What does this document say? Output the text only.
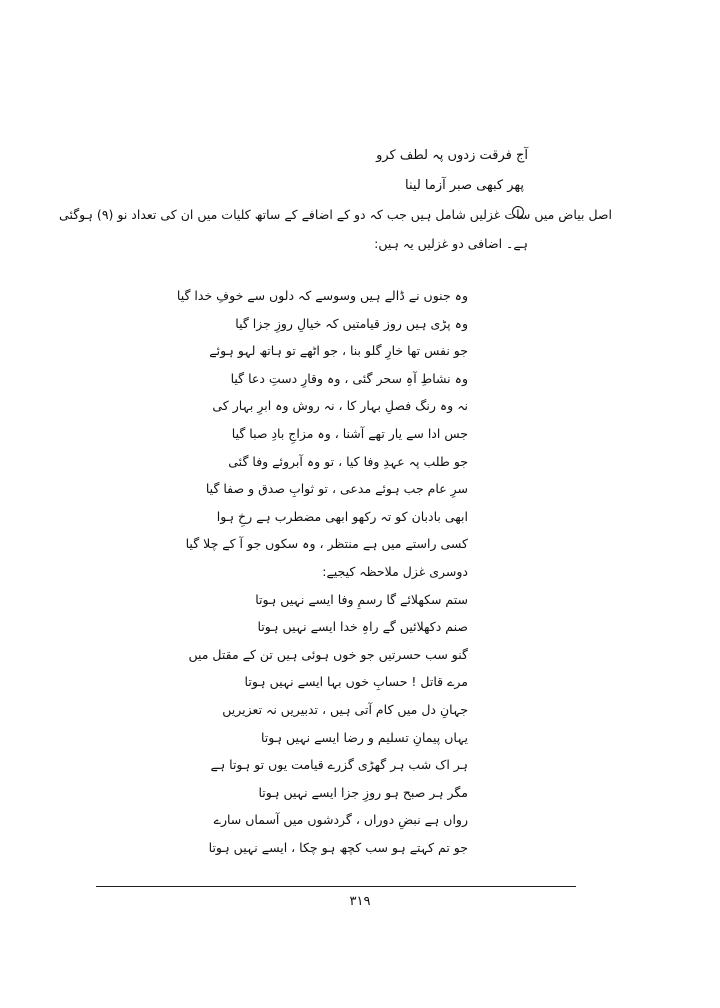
آج فرقت زدوں پہ لطف کرو
پھر کبھی صبر آزما لینا
اصل بیاض میں سات غزلیں شامل ہیں جب کہ دو کے اضافے کے ساتھ کلیات میں ان کی تعداد نو (۹) ہوگئی
ہے۔ اضافی دو غزلیں یہ ہیں:
وہ جنوں نے ڈالے ہیں وسوسے کہ دلوں سے خوفِ خدا گیا
وہ پڑی ہیں روز قیامتیں کہ خیالِ روزِ جزا گیا
جو نفس تھا خارِ گلو بنا ، جو اٹھے تو ہاتھ لہو ہوئے
وہ نشاطِ آہِ سحر گئی ، وہ وقارِ دستِ دعا گیا
نہ وہ رنگ فصلِ بہار کا ، نہ روش وہ ابرِ بہار کی
جس ادا سے یار تھے آشنا ، وہ مزاجِ بادِ صبا گیا
جو طلب پہ عہدِ وفا کیا ، تو وہ آبروئے وفا گئی
سرِ عام جب ہوئے مدعی ، تو ثوابِ صدق و صفا گیا
ابھی بادبان کو تہ رکھو ابھی مضطرب ہے رخِ ہوا
کسی راستے میں ہے منتظر ، وہ سکوں جو آ کے چلا گیا
دوسری غزل ملاحظہ کیجیے:
ستم سکھلائے گا رسمِ وفا ایسے نہیں ہوتا
صنم دکھلائیں گے راہِ خدا ایسے نہیں ہوتا
گنو سب حسرتیں جو خوں ہوئی ہیں تن کے مقتل میں
مرے قاتل ! حسابِ خوں بہا ایسے نہیں ہوتا
جہانِ دل میں کام آتی ہیں ، تدبیریں نہ تعزیریں
یہاں پیمانِ تسلیم و رضا ایسے نہیں ہوتا
ہر اک شب ہر گھڑی گزرے قیامت یوں تو ہوتا ہے
مگر ہر صبح ہو روزِ جزا ایسے نہیں ہوتا
رواں ہے نبضِ دوراں ، گردشوں میں آسماں سارے
جو تم کہتے ہو سب کچھ ہو چکا ، ایسے نہیں ہوتا
۳۱۹
